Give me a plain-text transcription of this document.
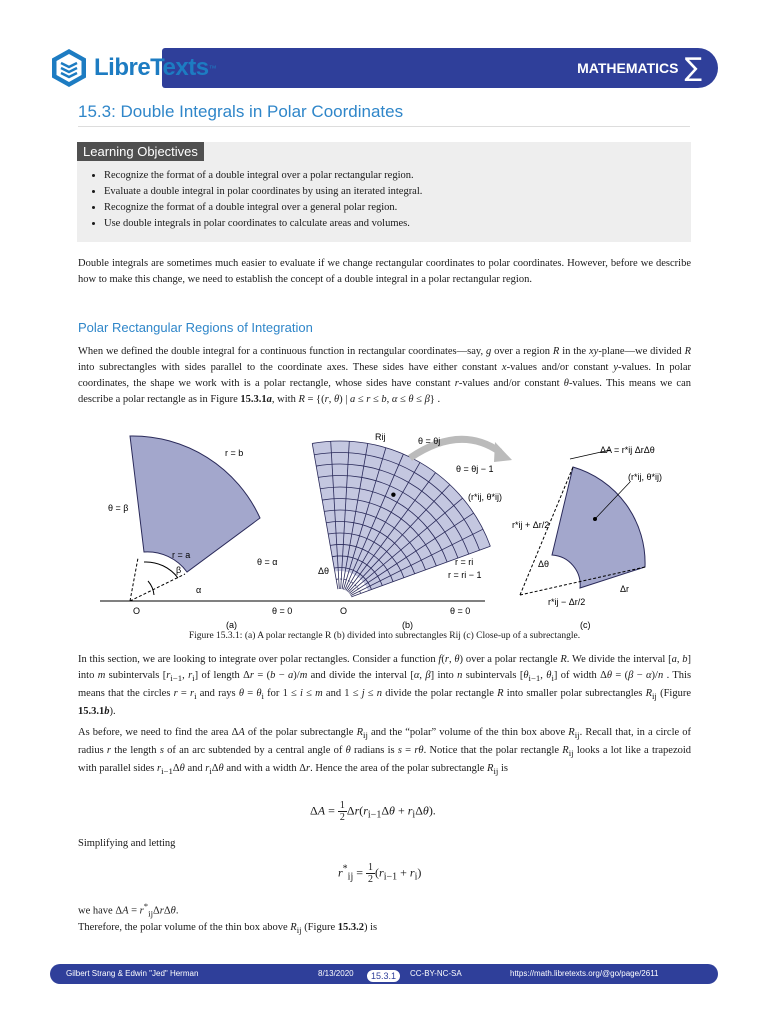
LibreTexts ™	MATHEMATICS ∑
15.3: Double Integrals in Polar Coordinates
Learning Objectives
• Recognize the format of a double integral over a polar rectangular region.
• Evaluate a double integral in polar coordinates by using an iterated integral.
• Recognize the format of a double integral over a general polar region.
• Use double integrals in polar coordinates to calculate areas and volumes.
Double integrals are sometimes much easier to evaluate if we change rectangular coordinates to polar coordinates. However, before we describe how to make this change, we need to establish the concept of a double integral in a polar rectangular region.
Polar Rectangular Regions of Integration
When we defined the double integral for a continuous function in rectangular coordinates—say, g over a region R in the xy-plane—we divided R into subrectangles with sides parallel to the coordinate axes. These sides have either constant x-values and/or constant y-values. In polar coordinates, the shape we work with is a polar rectangle, whose sides have constant r-values and/or constant θ-values. This means we can describe a polar rectangle as in Figure 15.3.1a, with R = {(r, θ) | a ≤ r ≤ b, α ≤ θ ≤ β} .
r = b
θ = β
r = a
β
θ = α
α
O	θ = 0
(a)
Rij	θ = θj
θ = θj − 1
(r*ij, θ*ij)
r = ri
r = ri − 1
Δθ
O	θ = 0
(b)
ΔA = r*ij ΔrΔθ
(r*ij, θ*ij)
r*ij + Δr/2
Δθ
Δr
r*ij − Δr/2
(c)
Figure 15.3.1: (a) A polar rectangle R (b) divided into subrectangles Rij (c) Close-up of a subrectangle.
In this section, we are looking to integrate over polar rectangles. Consider a function f(r, θ) over a polar rectangle R. We divide the interval [a, b] into m subintervals [$r_{i-1}$, $r_i$] of length Δr = (b − a)/m and divide the interval [α, β] into n subintervals [$\theta_{i-1}$, $\theta_i$] of width Δθ = (β − α)/n . This means that the circles $r = r_i$ and rays $\theta = \theta_i$ for 1 ≤ i ≤ m and 1 ≤ j ≤ n divide the polar rectangle R into smaller polar subrectangles $R_{ij}$ (Figure 15.3.1b).
As before, we need to find the area ΔA of the polar subrectangle $R_{ij}$ and the “polar” volume of the thin box above $R_{ij}$. Recall that, in a circle of radius r the length s of an arc subtended by a central angle of θ radians is s = rθ. Notice that the polar rectangle $R_{ij}$ looks a lot like a trapezoid with parallel sides $r_{i-1}\Delta\theta$ and $r_i\Delta\theta$ and with a width Δr. Hence the area of the polar subrectangle $R_{ij}$ is
$\Delta A = \frac{1}{2} \Delta r(r_{i-1}\Delta\theta + r_i\Delta\theta)$.
Simplifying and letting
$r^*_{ij} = \frac{1}{2} (r_{i-1} + r_i)$
we have $\Delta A = r^*_{ij}\Delta r\Delta\theta$.
Therefore, the polar volume of the thin box above $R_{ij}$ (Figure 15.3.2) is
Gilbert Strang & Edwin "Jed" Herman	8/13/2020	15.3.1	CC-BY-NC-SA	https://math.libretexts.org/@go/page/2611
